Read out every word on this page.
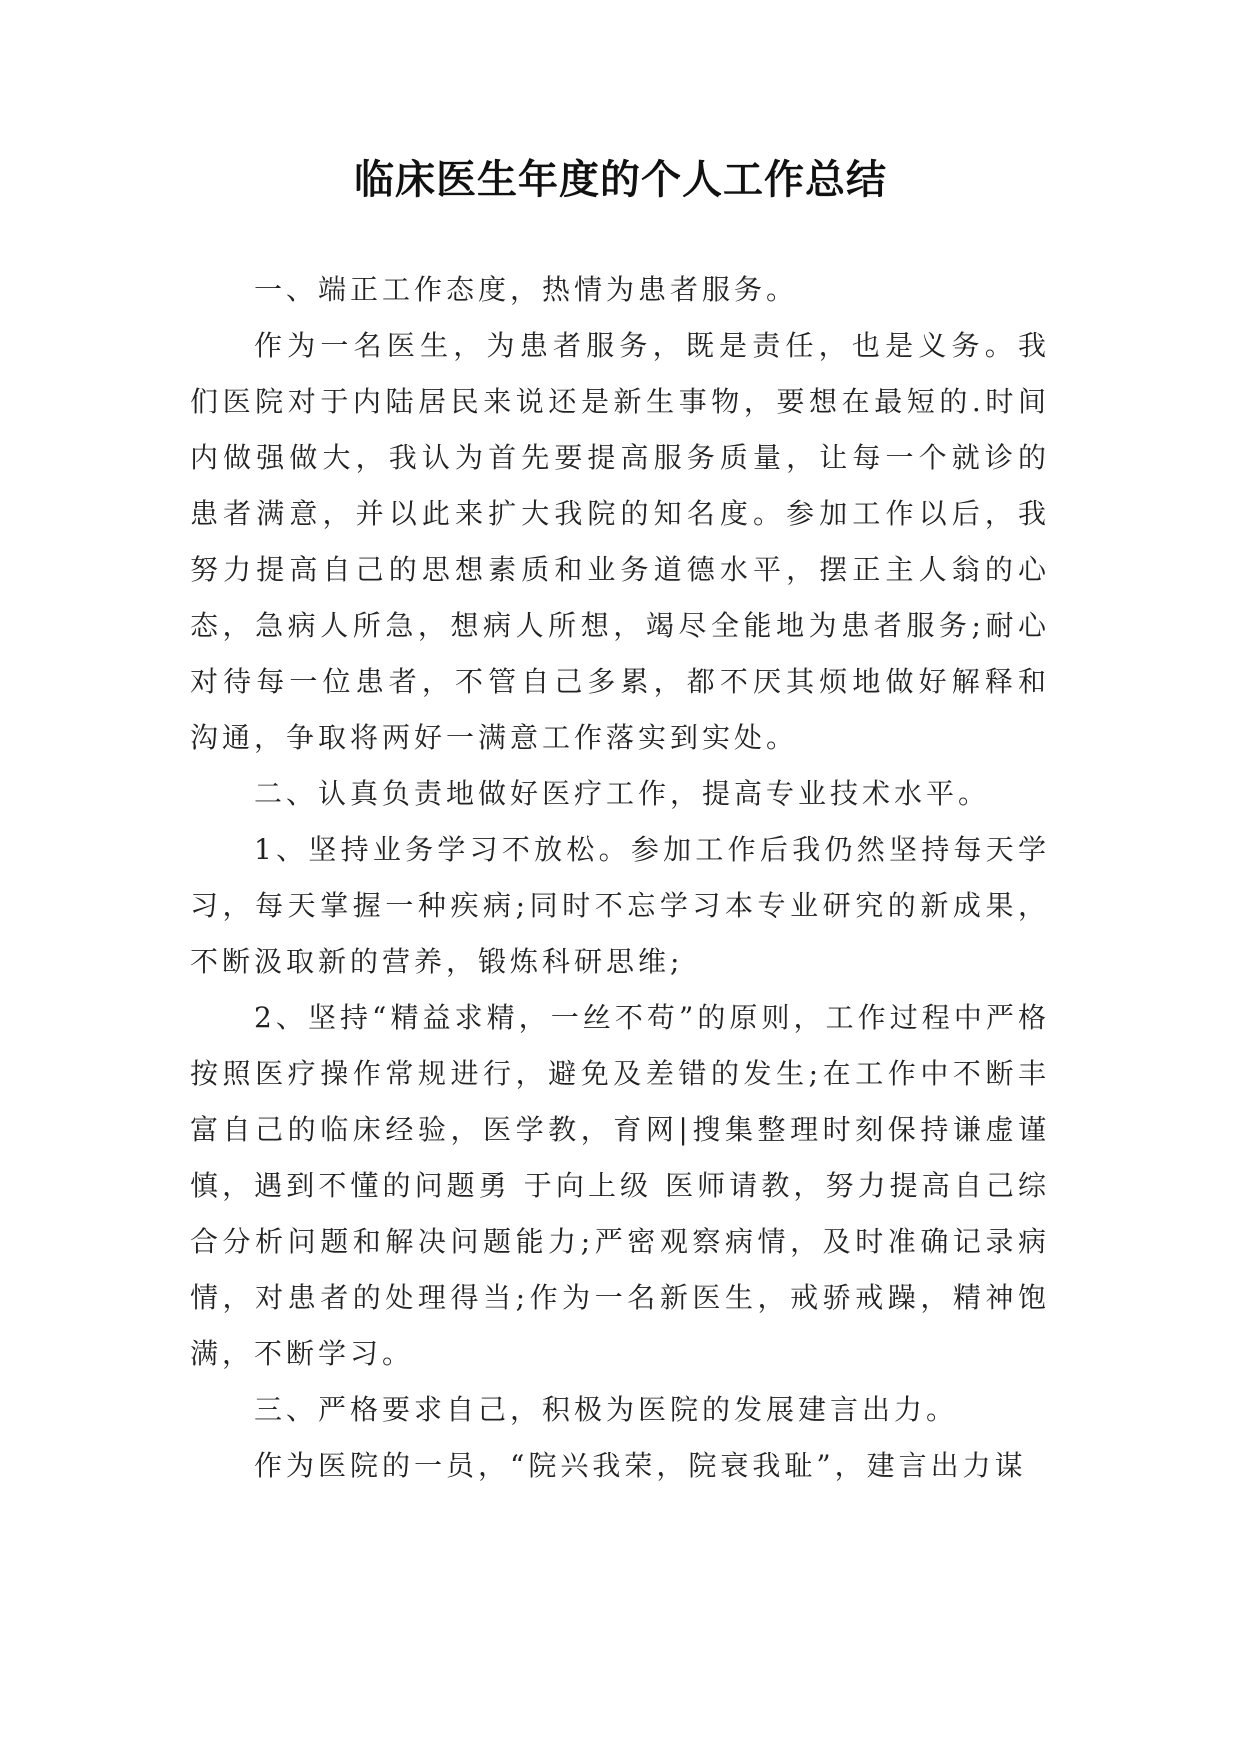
临床医生年度的个人工作总结

一、端正工作态度，热情为患者服务。

作为一名医生，为患者服务，既是责任，也是义务。我们医院对于内陆居民来说还是新生事物，要想在最短的.时间内做强做大，我认为首先要提高服务质量，让每一个就诊的患者满意，并以此来扩大我院的知名度。参加工作以后，我努力提高自己的思想素质和业务道德水平，摆正主人翁的心态，急病人所急，想病人所想，竭尽全能地为患者服务;耐心对待每一位患者，不管自己多累，都不厌其烦地做好解释和沟通，争取将两好一满意工作落实到实处。

二、认真负责地做好医疗工作，提高专业技术水平。

1、坚持业务学习不放松。参加工作后我仍然坚持每天学习，每天掌握一种疾病;同时不忘学习本专业研究的新成果，不断汲取新的营养，锻炼科研思维;

2、坚持“精益求精，一丝不苟”的原则，工作过程中严格按照医疗操作常规进行，避免及差错的发生;在工作中不断丰富自己的临床经验，医学教，育网|搜集整理时刻保持谦虚谨慎，遇到不懂的问题勇 于向上级 医师请教，努力提高自己综合分析问题和解决问题能力;严密观察病情，及时准确记录病情，对患者的处理得当;作为一名新医生，戒骄戒躁，精神饱满，不断学习。

三、严格要求自己，积极为医院的发展建言出力。

作为医院的一员，“院兴我荣，院衰我耻”，建言出力谋
